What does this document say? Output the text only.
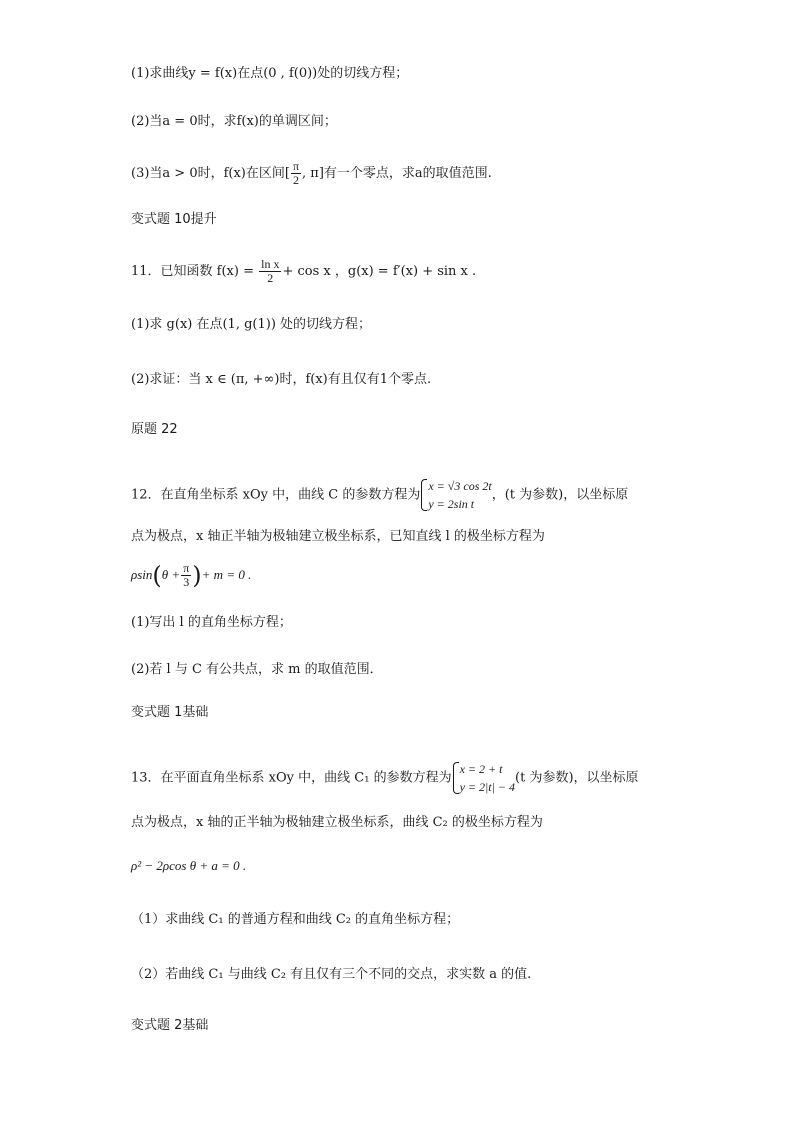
(1)求曲线y = f(x)在点(0 , f(0))处的切线方程；
(2)当a = 0时，求f(x)的单调区间；
(3)当a > 0时，f(x)在区间[ $\frac{\pi}{2}$ , π]有一个零点，求a的取值范围.
变式题 10提升
11．已知函数 $f(x) = \frac{\text{ln x}}{2} + \cos x$ ，g(x) = f′(x) + sin x .
(1)求 g(x) 在点(1, g(1)) 处的切线方程；
(2)求证：当 x ∈ (π, +∞)时，f(x)有且仅有1个零点.
原题 22
12．在直角坐标系 xOy 中，曲线 C 的参数方程为
x = √3 cos 2t
y = 2sin t
，(t 为参数)，以坐标原
点为极点，x 轴正半轴为极轴建立极坐标系，已知直线 l 的极坐标方程为
$\rho\sin(\theta + \frac{\pi}{3}$ )+ m = 0 .
(1)写出 l 的直角坐标方程；
(2)若 l 与 C 有公共点，求 m 的取值范围．
变式题 1基础
13．在平面直角坐标系 xOy 中，曲线 C₁ 的参数方程为
x = 2 + t
y = 2|t| − 4
(t 为参数)，以坐标原
点为极点，x 轴的正半轴为极轴建立极坐标系，曲线 C₂ 的极坐标方程为
ρ² − 2ρcos θ + a = 0 .
（1）求曲线 C₁ 的普通方程和曲线 C₂ 的直角坐标方程；
（2）若曲线 C₁ 与曲线 C₂ 有且仅有三个不同的交点，求实数 a 的值.
变式题 2基础
